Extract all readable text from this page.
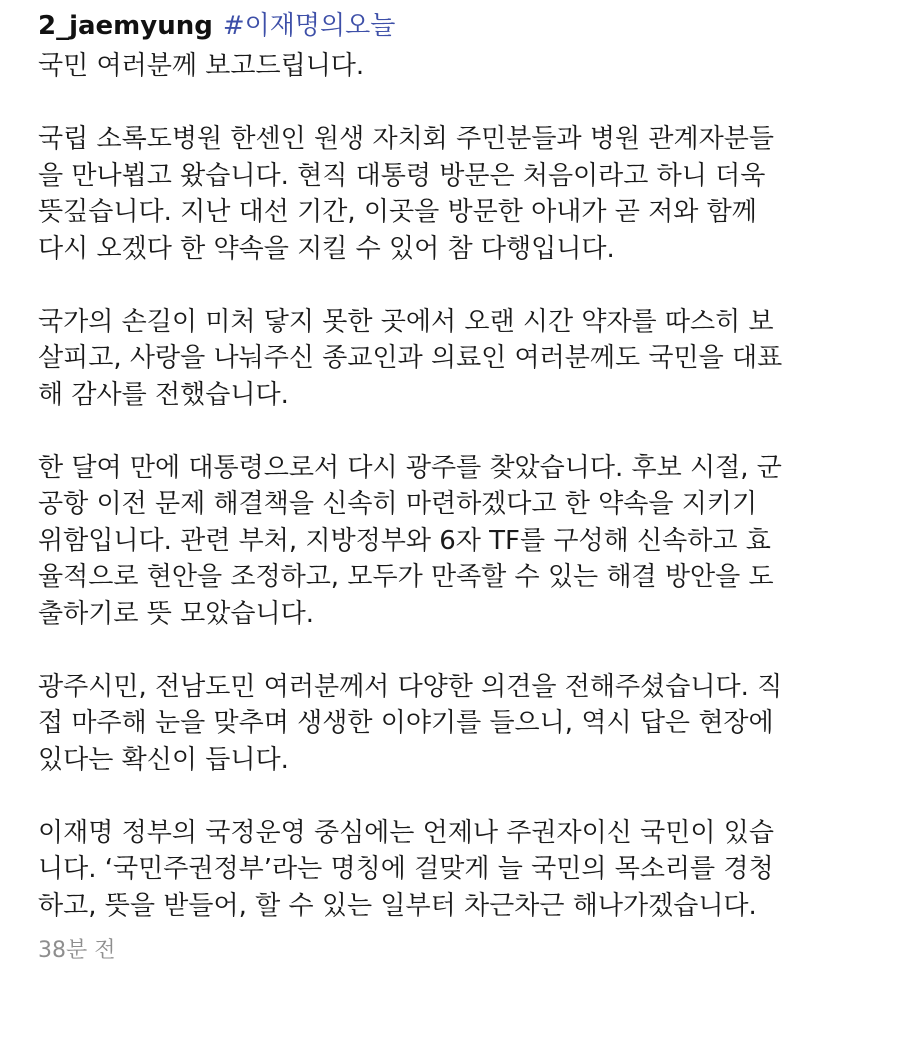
2_jaemyung #이재명의오늘
국민 여러분께 보고드립니다.
국립 소록도병원 한센인 원생 자치회 주민분들과 병원 관계자분들
을 만나뵙고 왔습니다. 현직 대통령 방문은 처음이라고 하니 더욱
뜻깊습니다. 지난 대선 기간, 이곳을 방문한 아내가 곧 저와 함께
다시 오겠다 한 약속을 지킬 수 있어 참 다행입니다.
국가의 손길이 미처 닿지 못한 곳에서 오랜 시간 약자를 따스히 보
살피고, 사랑을 나눠주신 종교인과 의료인 여러분께도 국민을 대표
해 감사를 전했습니다.
한 달여 만에 대통령으로서 다시 광주를 찾았습니다. 후보 시절, 군
공항 이전 문제 해결책을 신속히 마련하겠다고 한 약속을 지키기
위함입니다. 관련 부처, 지방정부와 6자 TF를 구성해 신속하고 효
율적으로 현안을 조정하고, 모두가 만족할 수 있는 해결 방안을 도
출하기로 뜻 모았습니다.
광주시민, 전남도민 여러분께서 다양한 의견을 전해주셨습니다. 직
접 마주해 눈을 맞추며 생생한 이야기를 들으니, 역시 답은 현장에
있다는 확신이 듭니다.
이재명 정부의 국정운영 중심에는 언제나 주권자이신 국민이 있습
니다. ‘국민주권정부’라는 명칭에 걸맞게 늘 국민의 목소리를 경청
하고, 뜻을 받들어, 할 수 있는 일부터 차근차근 해나가겠습니다.
38분 전
